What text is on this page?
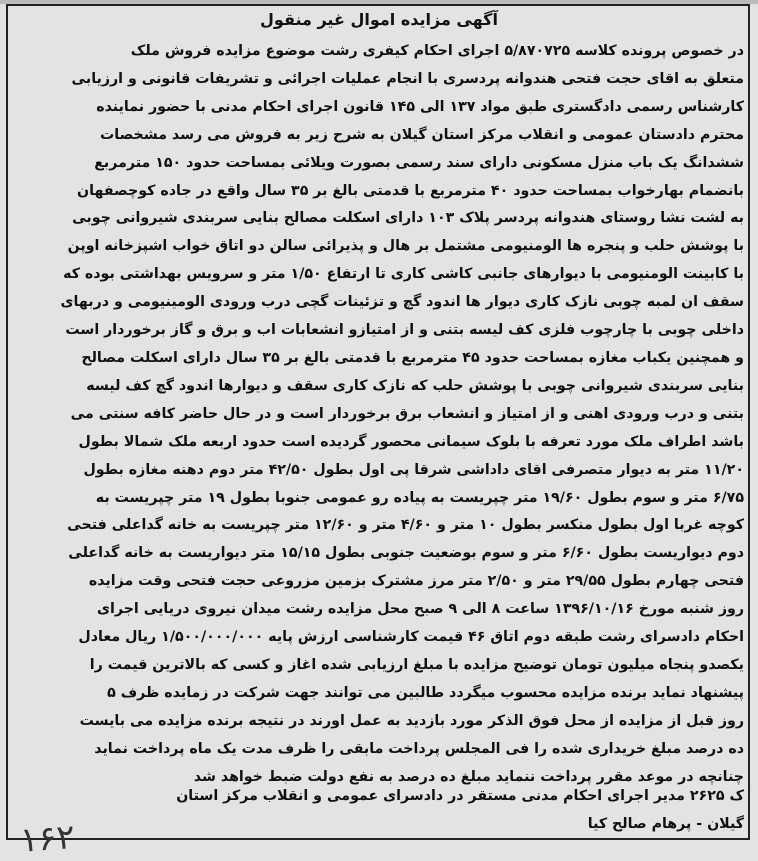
آگهی مزایده اموال غیر منقول
در خصوص پرونده کلاسه ۵/۸۷۰۷۲۵ اجرای احکام کیفری رشت موضوع مزایده فروش ملک
متعلق به اقای حجت فتحی هندوانه پردسری با انجام عملیات اجرائی و تشریفات قانونی و ارزیابی
کارشناس رسمی دادگستری طبق مواد ۱۳۷ الی ۱۴۵ قانون اجرای احکام مدنی با حضور نماینده
محترم دادستان عمومی و انقلاب مرکز استان گیلان به شرح زیر به فروش می رسد مشخصات
ششدانگ یک باب منزل مسکونی دارای سند رسمی بصورت ویلائی بمساحت حدود ۱۵۰ مترمربع
بانضمام بهارخواب بمساحت حدود ۴۰ مترمربع با قدمتی بالغ بر ۳۵ سال واقع در جاده کوچصفهان
به لشت نشا روستای هندوانه پردسر پلاک ۱۰۳ دارای اسکلت مصالح بنایی سربندی شیروانی چوبی
با پوشش حلب و پنجره ها الومنیومی مشتمل بر هال و پذیرائی سالن دو اتاق خواب اشپزخانه اوپن
با کابینت الومنیومی با دیوارهای جانبی کاشی کاری تا ارتفاع ۱/۵۰ متر و سرویس بهداشتی بوده که
سقف ان لمبه چوبی نازک کاری دیوار ها اندود گچ و تزئینات گچی درب ورودی الومینیومی و دربهای
داخلی چوبی با چارچوب فلزی کف لیسه بتنی و از امتیازو انشعابات اب و برق و گاز برخوردار است
و همچنین یکباب مغازه بمساحت حدود ۴۵ مترمربع با قدمتی بالغ بر ۳۵ سال دارای اسکلت مصالح
بنایی سربندی شیروانی چوبی با پوشش حلب که نازک کاری سقف و دیوارها اندود گچ کف لیسه
بتنی و درب ورودی اهنی و از امتیاز و انشعاب برق برخوردار است و در حال حاضر کافه سنتی می
باشد اطراف ملک مورد تعرفه با بلوک سیمانی محصور گردیده است حدود اربعه ملک شمالا بطول
۱۱/۲۰ متر به دیوار متصرفی اقای داداشی شرقا پی اول بطول ۴۲/۵۰ متر دوم دهنه مغازه بطول
۶/۷۵ متر و سوم بطول ۱۹/۶۰ متر چپریست به پیاده رو عمومی جنوبا بطول ۱۹ متر چپریست به
کوچه غربا اول بطول منکسر بطول ۱۰ متر و ۴/۶۰ متر و ۱۲/۶۰ متر چپریست به خانه گداعلی فتحی
دوم دیواریست بطول ۶/۶۰ متر و سوم بوضعیت جنوبی بطول ۱۵/۱۵ متر دیواریست به خانه گداعلی
فتحی چهارم بطول ۲۹/۵۵ متر و ۲/۵۰ متر مرز مشترک بزمین مزروعی حجت فتحی وقت مزایده
روز شنبه مورخ ۱۳۹۶/۱۰/۱۶ ساعت ۸ الی ۹ صبح محل مزایده رشت میدان نیروی دریایی اجرای
احکام دادسرای رشت طبقه دوم اتاق ۴۶ قیمت کارشناسی ارزش پایه ۱/۵۰۰/۰۰۰/۰۰۰ ریال معادل
یکصدو پنجاه میلیون تومان توضیح مزایده با مبلغ ارزیابی شده اغاز و کسی که بالاترین قیمت را
پیشنهاد نماید برنده مزایده محسوب میگردد طالبین می توانند جهت شرکت در زمایده ظرف ۵
روز قبل از مزایده از محل فوق الذکر مورد بازدید به عمل اورند در نتیجه برنده مزایده می بایست
ده درصد مبلغ خریداری شده را فی المجلس پرداخت مابقی را ظرف مدت یک ماه پرداخت نماید
چنانچه در موعد مقرر پرداخت ننماید مبلغ ده درصد به نفع دولت ضبط خواهد شد
ک ۲۶۲۵ مدیر اجرای احکام مدنی مستقر در دادسرای عمومی و انقلاب مرکز استان
گیلان - پرهام صالح کیا
۱۶۲
